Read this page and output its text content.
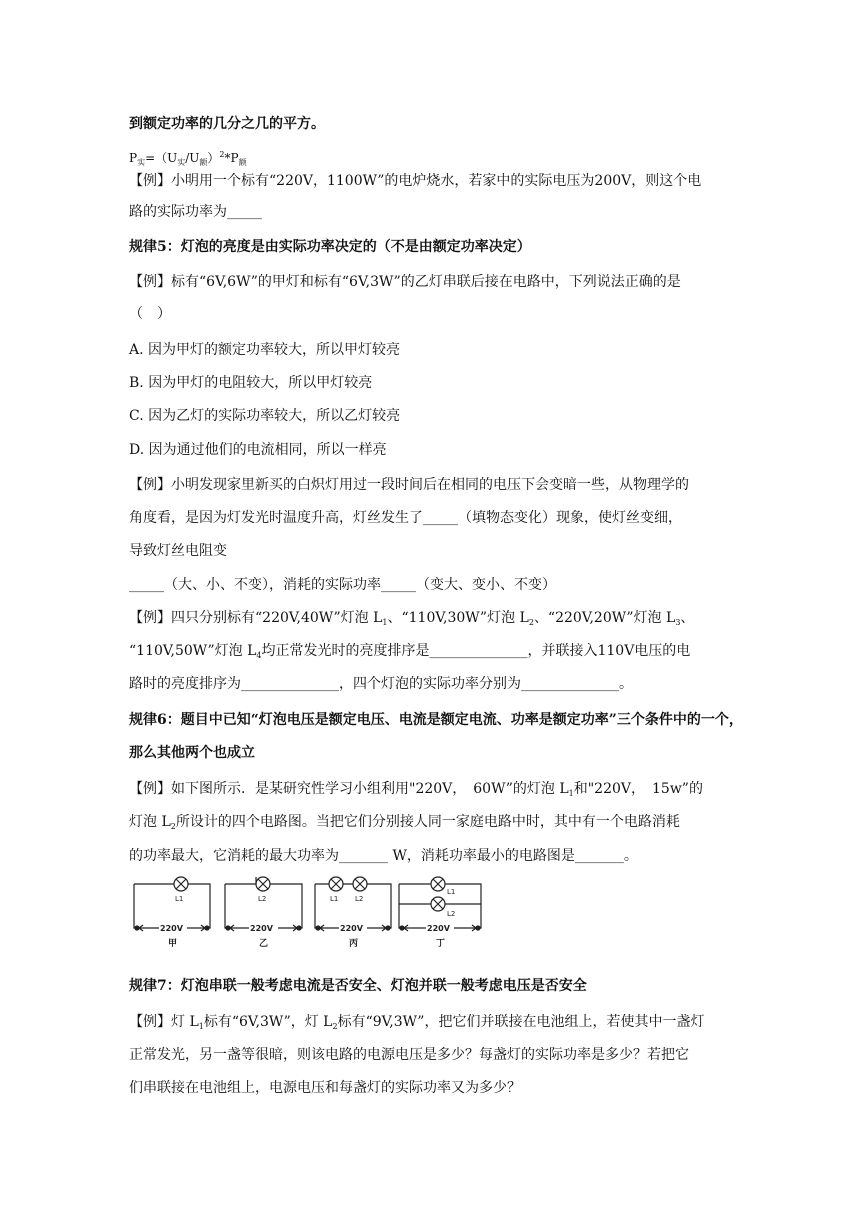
到额定功率的几分之几的平方。
$P_实=(U_实/U_额)^2*P_额$
【例】小明用一个标有“220V，1100W”的电炉烧水，若家中的实际电压为200V，则这个电
路的实际功率为_____
规律5：灯泡的亮度是由实际功率决定的（不是由额定功率决定）
【例】标有“6V,6W”的甲灯和标有“6V,3W”的乙灯串联后接在电路中，下列说法正确的是
（　）
A. 因为甲灯的额定功率较大，所以甲灯较亮
B. 因为甲灯的电阻较大，所以甲灯较亮
C. 因为乙灯的实际功率较大，所以乙灯较亮
D. 因为通过他们的电流相同，所以一样亮
【例】小明发现家里新买的白炽灯用过一段时间后在相同的电压下会变暗一些，从物理学的
角度看，是因为灯发光时温度升高，灯丝发生了_____（填物态变化）现象，使灯丝变细，
导致灯丝电阻变
_____（大、小、不变），消耗的实际功率_____（变大、变小、不变）
【例】四只分别标有“220V,40W”灯泡 $L_1$、“110V,30W”灯泡 $L_2$、“220V,20W”灯泡 $L_3$、
“110V,50W”灯泡 $L_4$均正常发光时的亮度排序是______________，并联接入110V电压的电
路时的亮度排序为______________，四个灯泡的实际功率分别为______________。
规律6：题目中已知“灯泡电压是额定电压、电流是额定电流、功率是额定功率”三个条件中的一个，
那么其他两个也成立
【例】如下图所示．是某研究性学习小组利用"220V，　60W”的灯泡 $L_1$和"220V，　15w”的
灯泡 $L_2$所设计的四个电路图。当把它们分别接人同一家庭电路中时，其中有一个电路消耗
的功率最大，它消耗的最大功率为_______ W，消耗功率最小的电路图是_______。
L1	L2	L1 L2
L1
L2
220V	220V	220V	220V
甲	乙	丙	丁
规律7：灯泡串联一般考虑电流是否安全、灯泡并联一般考虑电压是否安全
【例】灯 $L_1$标有“6V,3W”，灯 $L_2$标有“9V,3W”，把它们并联接在电池组上，若使其中一盏灯
正常发光，另一盏等很暗，则该电路的电源电压是多少？每盏灯的实际功率是多少？若把它
们串联接在电池组上，电源电压和每盏灯的实际功率又为多少？
